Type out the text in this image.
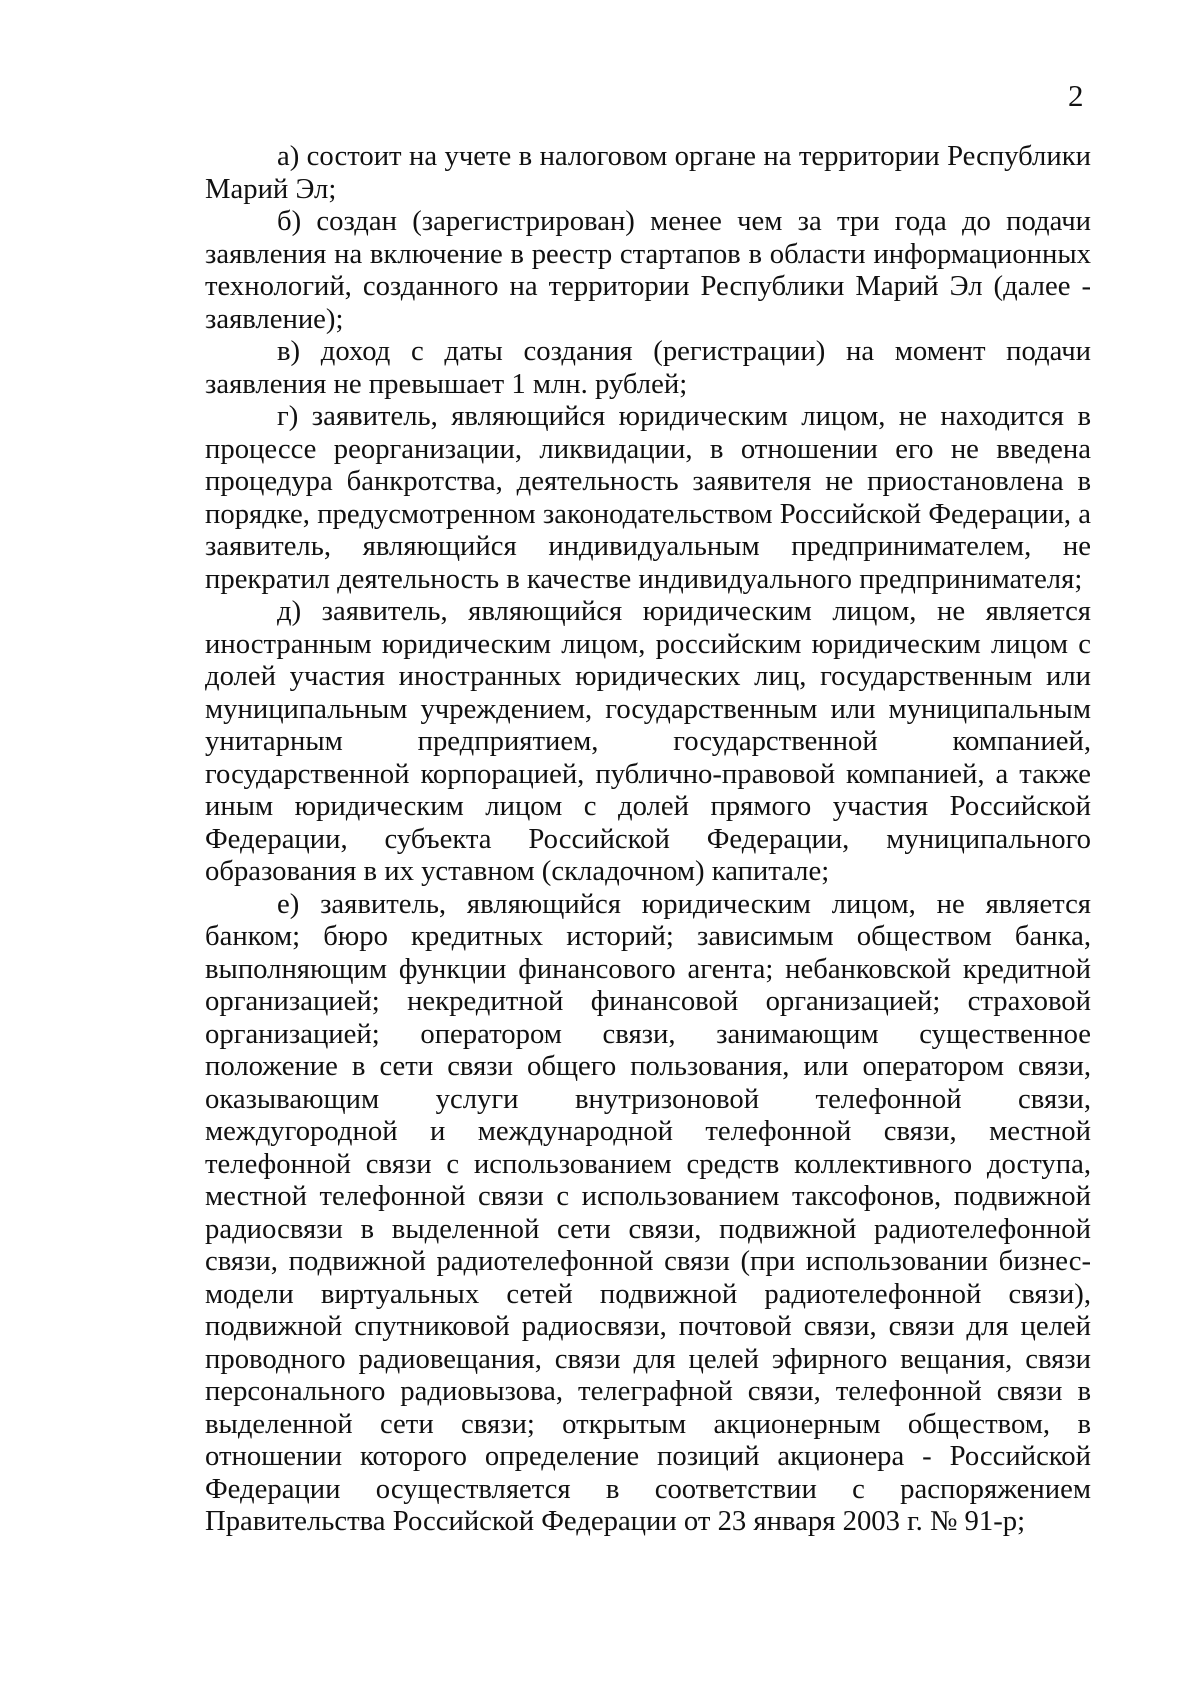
2

а) состоит на учете в налоговом органе на территории Республики Марий Эл;

б) создан (зарегистрирован) менее чем за три года до подачи заявления на включение в реестр стартапов в области информационных технологий, созданного на территории Республики Марий Эл (далее - заявление);

в) доход с даты создания (регистрации) на момент подачи заявления не превышает 1 млн. рублей;

г) заявитель, являющийся юридическим лицом, не находится в процессе реорганизации, ликвидации, в отношении его не введена процедура банкротства, деятельность заявителя не приостановлена в порядке, предусмотренном законодательством Российской Федерации, а заявитель, являющийся индивидуальным предпринимателем, не прекратил деятельность в качестве индивидуального предпринимателя;

д) заявитель, являющийся юридическим лицом, не является иностранным юридическим лицом, российским юридическим лицом с долей участия иностранных юридических лиц, государственным или муниципальным учреждением, государственным или муниципальным унитарным предприятием, государственной компанией, государственной корпорацией, публично-правовой компанией, а также иным юридическим лицом с долей прямого участия Российской Федерации, субъекта Российской Федерации, муниципального образования в их уставном (складочном) капитале;

е) заявитель, являющийся юридическим лицом, не является банком; бюро кредитных историй; зависимым обществом банка, выполняющим функции финансового агента; небанковской кредитной организацией; некредитной финансовой организацией; страховой организацией; оператором связи, занимающим существенное положение в сети связи общего пользования, или оператором связи, оказывающим услуги внутризоновой телефонной связи, междугородной и международной телефонной связи, местной телефонной связи с использованием средств коллективного доступа, местной телефонной связи с использованием таксофонов, подвижной радиосвязи в выделенной сети связи, подвижной радиотелефонной связи, подвижной радиотелефонной связи (при использовании бизнес-модели виртуальных сетей подвижной радиотелефонной связи), подвижной спутниковой радиосвязи, почтовой связи, связи для целей проводного радиовещания, связи для целей эфирного вещания, связи персонального радиовызова, телеграфной связи, телефонной связи в выделенной сети связи; открытым акционерным обществом, в отношении которого определение позиций акционера - Российской Федерации осуществляется в соответствии с распоряжением Правительства Российской Федерации от 23 января 2003 г. № 91-р;
